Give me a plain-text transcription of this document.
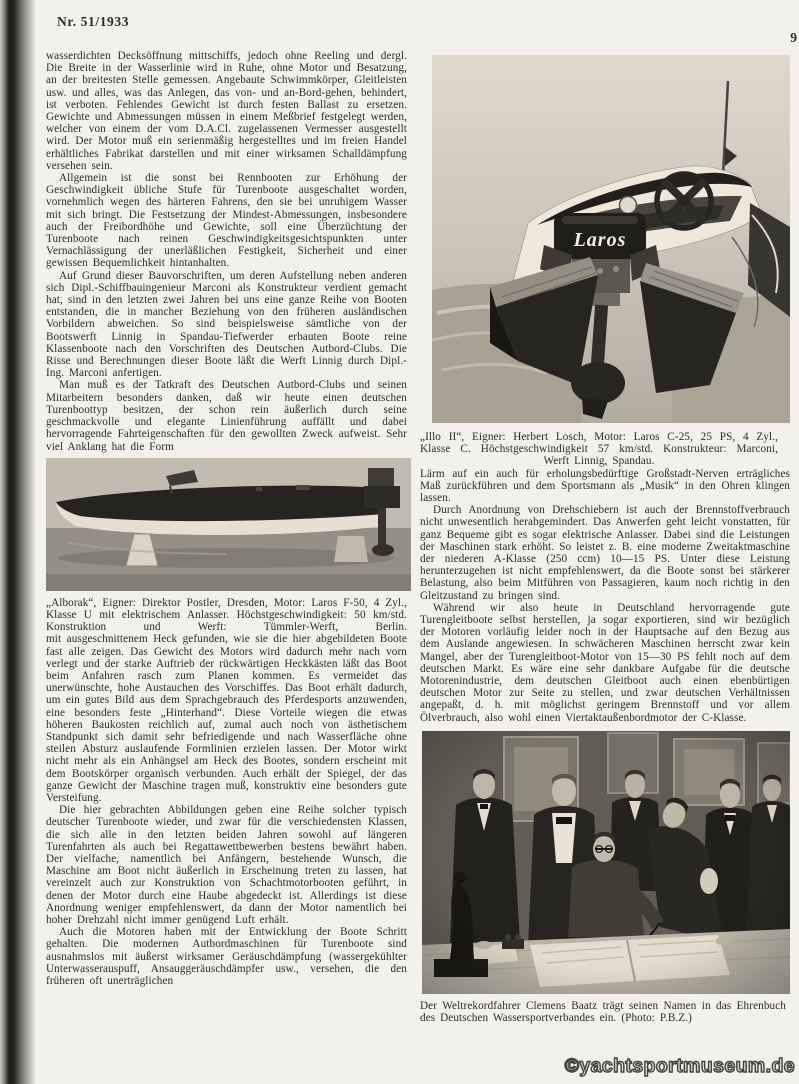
Nr. 51/1933
9

wasserdichten Decksöffnung mittschiffs, jedoch ohne Reeling und dergl. Die Breite in der Wasserlinie wird in Ruhe, ohne Motor und Besatzung, an der breitesten Stelle gemessen. Angebaute Schwimmkörper, Gleitleisten usw. und alles, was das Anlegen, das von- und an-Bord-gehen, behindert, ist verboten. Fehlendes Gewicht ist durch festen Ballast zu ersetzen. Gewichte und Abmessungen müssen in einem Meßbrief festgelegt werden, welcher von einem der vom D.A.Cl. zugelassenen Vermesser ausgestellt wird. Der Motor muß ein serienmäßig hergestelltes und im freien Handel erhältliches Fabrikat darstellen und mit einer wirksamen Schalldämpfung versehen sein.

Allgemein ist die sonst bei Rennbooten zur Erhöhung der Geschwindigkeit übliche Stufe für Turenboote ausgeschaltet worden, vornehmlich wegen des härteren Fahrens, den sie bei unruhigem Wasser mit sich bringt. Die Festsetzung der Mindest-Abmessungen, insbesondere auch der Freibordhöhe und Gewichte, soll eine Überzüchtung der Turenboote nach reinen Geschwindigkeitsgesichtspunkten unter Vernachlässigung der unerläßlichen Festigkeit, Sicherheit und einer gewissen Bequemlichkeit hintanhalten.

Auf Grund dieser Bauvorschriften, um deren Aufstellung neben anderen sich Dipl.-Schiffbauingenieur Marconi als Konstrukteur verdient gemacht hat, sind in den letzten zwei Jahren bei uns eine ganze Reihe von Booten entstanden, die in mancher Beziehung von den früheren ausländischen Vorbildern abweichen. So sind beispielsweise sämtliche von der Bootswerft Linnig in Spandau-Tiefwerder erbauten Boote reine Klassenboote nach den Vorschriften des Deutschen Autbord-Clubs. Die Risse und Berechnungen dieser Boote läßt die Werft Linnig durch Dipl.-Ing. Marconi anfertigen.

Man muß es der Tatkraft des Deutschen Autbord-Clubs und seinen Mitarbeitern besonders danken, daß wir heute einen deutschen Turenboottyp besitzen, der schon rein äußerlich durch seine geschmackvolle und elegante Linienführung auffällt und dabei hervorragende Fahrteigenschaften für den gewollten Zweck aufweist. Sehr viel Anklang hat die Form

„Alborak“, Eigner: Direktor Postler, Dresden, Motor: Laros F-50, 4 Zyl., Klasse U mit elektrischem Anlasser. Höchstgeschwindigkeit: 50 km/std. Konstruktion und Werft: Tümmler-Werft, Berlin.

mit ausgeschnittenem Heck gefunden, wie sie die hier abgebildeten Boote fast alle zeigen. Das Gewicht des Motors wird dadurch mehr nach vorn verlegt und der starke Auftrieb der rückwärtigen Heckkästen läßt das Boot beim Anfahren rasch zum Planen kommen. Es vermeidet das unerwünschte, hohe Austauchen des Vorschiffes. Das Boot erhält dadurch, um ein gutes Bild aus dem Sprachgebrauch des Pferdesports anzuwenden, eine besonders feste „Hinterhand“. Diese Vorteile wiegen die etwas höheren Baukosten reichlich auf, zumal auch noch von ästhetischem Standpunkt sich damit sehr befriedigende und nach Wasserfläche ohne steilen Absturz auslaufende Formlinien erzielen lassen. Der Motor wirkt nicht mehr als ein Anhängsel am Heck des Bootes, sondern erscheint mit dem Bootskörper organisch verbunden. Auch erhält der Spiegel, der das ganze Gewicht der Maschine tragen muß, konstruktiv eine besonders gute Versteifung.

Die hier gebrachten Abbildungen geben eine Reihe solcher typisch deutscher Turenboote wieder, und zwar für die verschiedensten Klassen, die sich alle in den letzten beiden Jahren sowohl auf längeren Turenfahrten als auch bei Regattawettbewerben bestens bewährt haben. Der vielfache, namentlich bei Anfängern, bestehende Wunsch, die Maschine am Boot nicht äußerlich in Erscheinung treten zu lassen, hat vereinzelt auch zur Konstruktion von Schachtmotorbooten geführt, in denen der Motor durch eine Haube abgedeckt ist. Allerdings ist diese Anordnung weniger empfehlenswert, da dann der Motor namentlich bei hoher Drehzahl nicht immer genügend Luft erhält.

Auch die Motoren haben mit der Entwicklung der Boote Schritt gehalten. Die modernen Autbordmaschinen für Turenboote sind ausnahmslos mit äußerst wirksamer Geräuschdämpfung (wassergekühlter Unterwasserauspuff, Ansauggeräuschdämpfer usw., versehen, die den früheren oft unerträglichen

Laros

„Illo II“, Eigner: Herbert Losch, Motor: Laros C-25, 25 PS, 4 Zyl., Klasse C. Höchstgeschwindigkeit 57 km/std. Konstrukteur: Marconi, Werft Linnig, Spandau.

Lärm auf ein auch für erholungsbedürftige Großstadt-Nerven erträgliches Maß zurückführen und dem Sportsmann als „Musik“ in den Ohren klingen lassen.

Durch Anordnung von Drehschiebern ist auch der Brennstoffverbrauch nicht unwesentlich herabgemindert. Das Anwerfen geht leicht vonstatten, für ganz Bequeme gibt es sogar elektrische Anlasser. Dabei sind die Leistungen der Maschinen stark erhöht. So leistet z. B. eine moderne Zweitaktmaschine der niederen A-Klasse (250 ccm) 10—15 PS. Unter diese Leistung herunterzugehen ist nicht empfehlenswert, da die Boote sonst bei stärkerer Belastung, also beim Mitführen von Passagieren, kaum noch richtig in den Gleitzustand zu bringen sind.

Während wir also heute in Deutschland hervorragende gute Turengleitboote selbst herstellen, ja sogar exportieren, sind wir bezüglich der Motoren vorläufig leider noch in der Hauptsache auf den Bezug aus dem Auslande angewiesen. In schwächeren Maschinen herrscht zwar kein Mangel, aber der Turengleitboot-Motor von 15—30 PS fehlt noch auf dem deutschen Markt. Es wäre eine sehr dankbare Aufgabe für die deutsche Motorenindustrie, dem deutschen Gleitboot auch einen ebenbürtigen deutschen Motor zur Seite zu stellen, und zwar deutschen Verhältnissen angepaßt, d. h. mit möglichst geringem Brennstoff und vor allem Ölverbrauch, also wohl einen Viertaktaußenbordmotor der C-Klasse.

Der Weltrekordfahrer Clemens Baatz trägt seinen Namen in das Ehrenbuch des Deutschen Wassersportverbandes ein. (Photo: P.B.Z.)

©yachtsportmuseum.de
